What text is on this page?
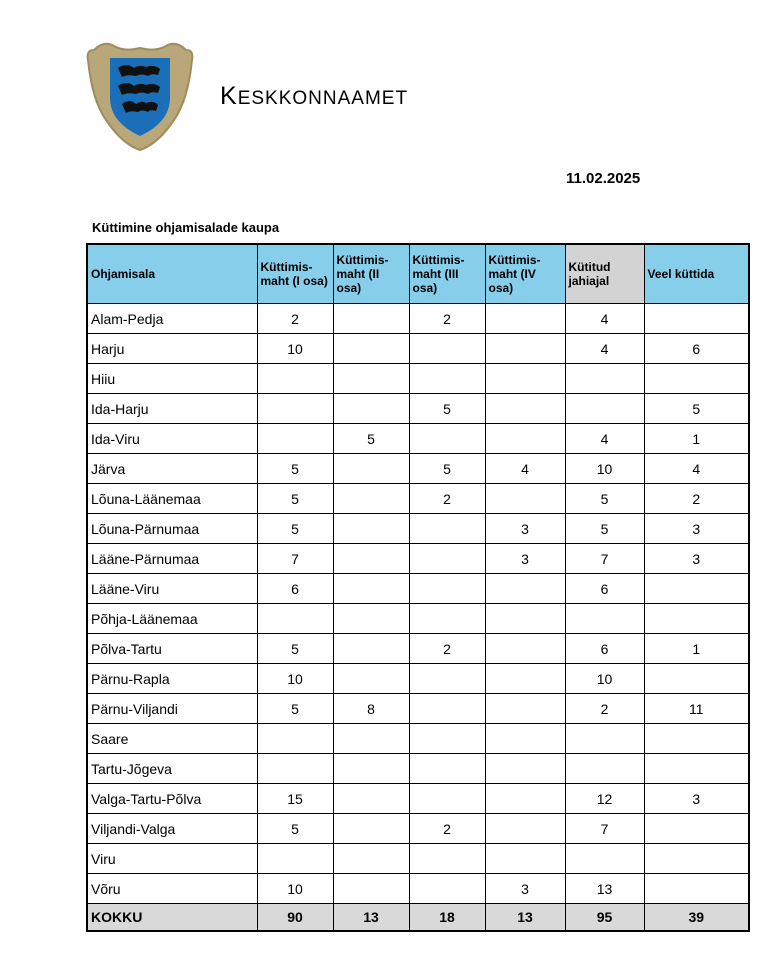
KESKKONNAAMET
11.02.2025
Küttimine ohjamisalade kaupa
Ohjamisala	Küttimis-maht (I osa)	Küttimis-maht (II osa)	Küttimis-maht (III osa)	Küttimis-maht (IV osa)	Kütitud jahiajal	Veel küttida
Alam-Pedja	2		2		4	
Harju	10				4	6
Hiiu						
Ida-Harju			5			5
Ida-Viru		5			4	1
Järva	5		5	4	10	4
Lõuna-Läänemaa	5		2		5	2
Lõuna-Pärnumaa	5			3	5	3
Lääne-Pärnumaa	7			3	7	3
Lääne-Viru	6				6	
Põhja-Läänemaa						
Põlva-Tartu	5		2		6	1
Pärnu-Rapla	10				10	
Pärnu-Viljandi	5	8			2	11
Saare						
Tartu-Jõgeva						
Valga-Tartu-Põlva	15				12	3
Viljandi-Valga	5		2		7	
Viru						
Võru	10			3	13	
KOKKU	90	13	18	13	95	39
